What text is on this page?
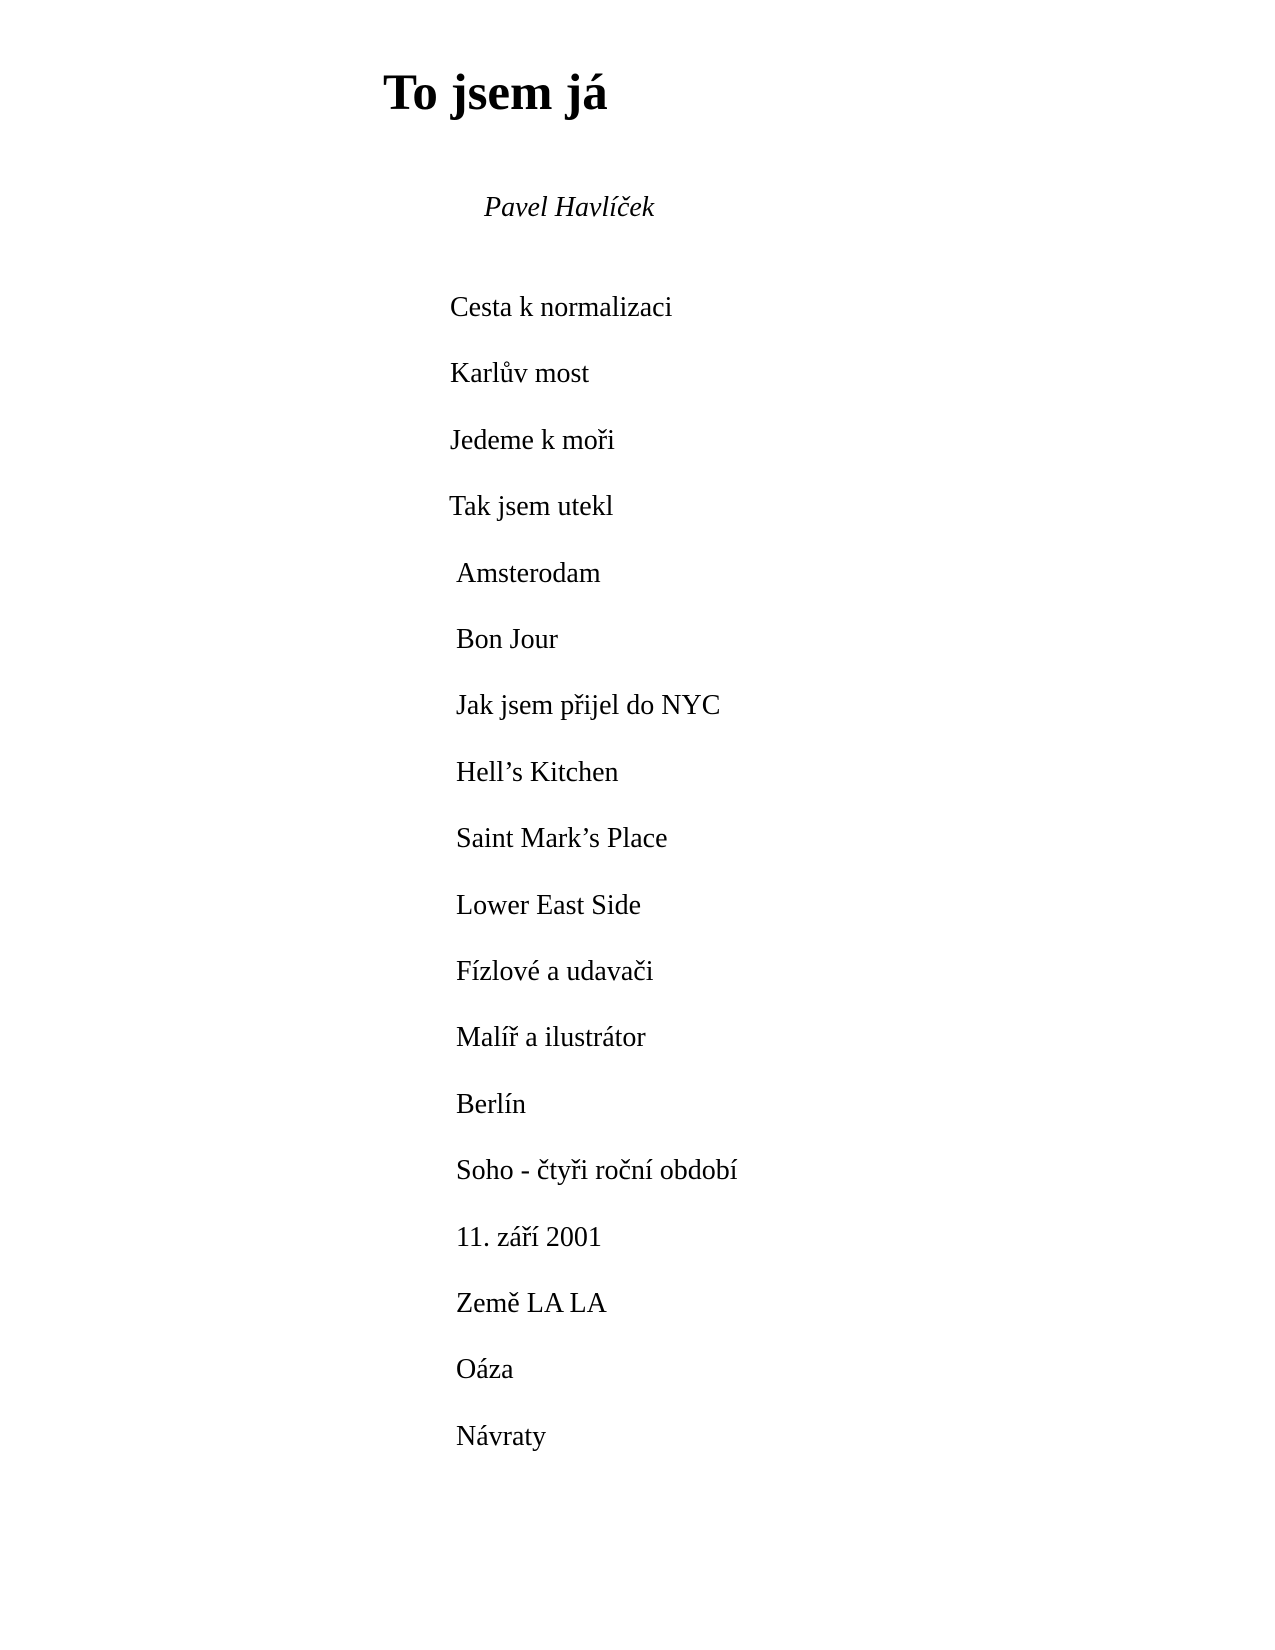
To jsem já

Pavel Havlíček

Cesta k normalizaci
Karlův most
Jedeme k moři
Tak jsem utekl
Amsterodam
Bon Jour
Jak jsem přijel do NYC
Hell’s Kitchen
Saint Mark’s Place
Lower East Side
Fízlové a udavači
Malíř a ilustrátor
Berlín
Soho - čtyři roční období
11. září 2001
Země LA LA
Oáza
Návraty
